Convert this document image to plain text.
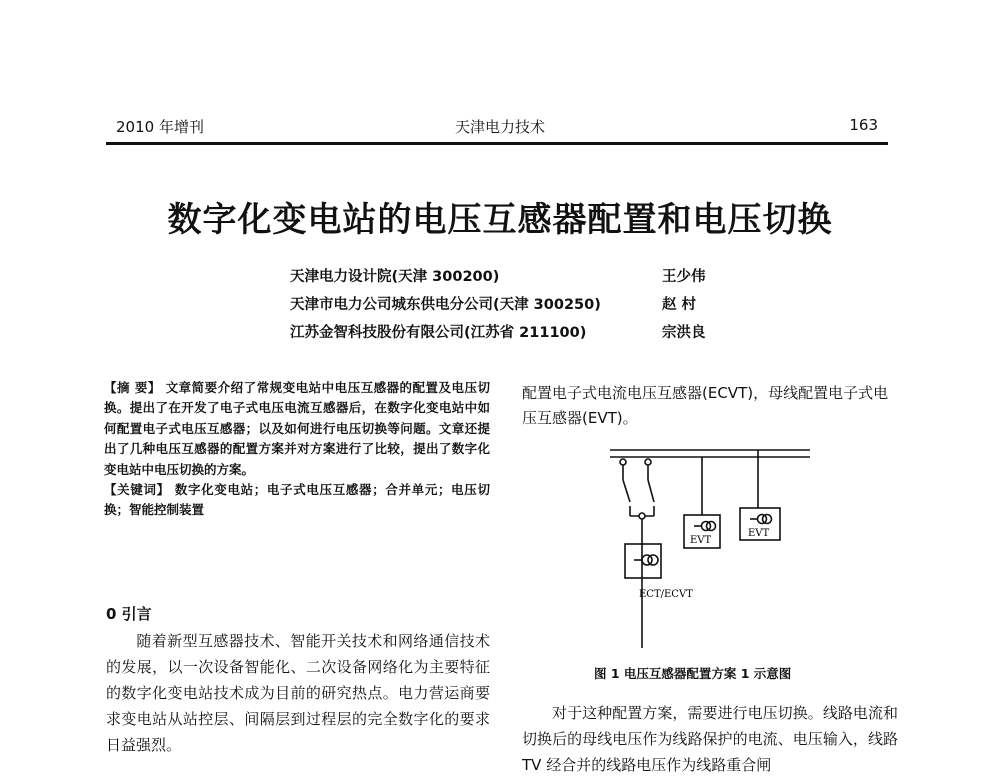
2010 年增刊	天津电力技术	163
数字化变电站的电压互感器配置和电压切换
天津电力设计院(天津 300200)	王少伟
天津市电力公司城东供电分公司(天津 300250)	赵 村
江苏金智科技股份有限公司(江苏省 211100)	宗洪良

【摘 要】 文章简要介绍了常规变电站中电压互感器的配置及电压切换。提出了在开发了电子式电压电流互感器后，在数字化变电站中如何配置电子式电压互感器；以及如何进行电压切换等问题。文章还提出了几种电压互感器的配置方案并对方案进行了比较，提出了数字化变电站中电压切换的方案。
【关键词】 数字化变电站；电子式电压互感器；合并单元；电压切换；智能控制装置

0 引言

随着新型互感器技术、智能开关技术和网络通信技术的发展，以一次设备智能化、二次设备网络化为主要特征的数字化变电站技术成为目前的研究热点。电力营运商要求变电站从站控层、间隔层到过程层的完全数字化的要求日益强烈。

配置电子式电流电压互感器(ECVT)，母线配置电子式电压互感器(EVT)。

EVT
EVT
ECT/ECVT
图 1 电压互感器配置方案 1 示意图

对于这种配置方案，需要进行电压切换。线路电流和切换后的母线电压作为线路保护的电流、电压输入，线路 TV 经合并的线路电压作为线路重合闸
